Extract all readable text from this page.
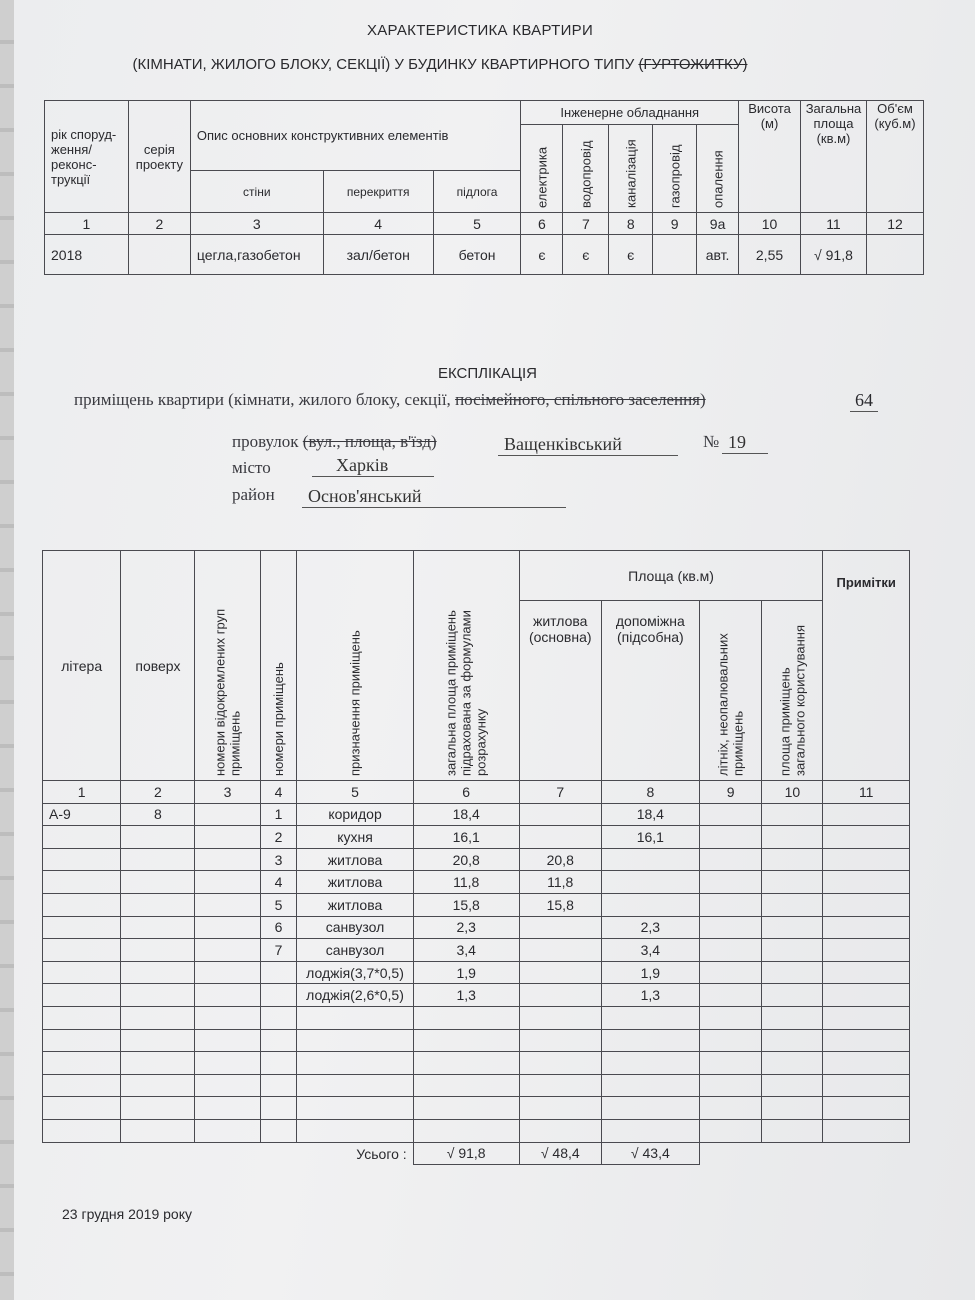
ХАРАКТЕРИСТИКА КВАРТИРИ
(КІМНАТИ, ЖИЛОГО БЛОКУ, СЕКЦІЇ) У БУДИНКУ КВАРТИРНОГО ТИПУ (ГУРТОЖИТКУ)
рік споруд-ження/ реконс-трукції	серія проекту	Опис основних конструктивних елементів			Інженерне обладнання					Висота (м)	Загальна площа (кв.м)	Об'єм (куб.м)
					електрика	водопровід	каналізація	газопровід	опалення			
		стіни	перекриття	підлога								
1	2	3	4	5	6	7	8	9	9а	10	11	12
2018		цегла,газобетон	зал/бетон	бетон	є	є	є		авт.	2,55	√ 91,8	
ЕКСПЛІКАЦІЯ
приміщень квартири (кімнати, жилого блоку, секції, посімейного, спільного заселення)	64
провулок (вул., площа, в'їзд)	Ващенківський	№ 19
місто	Харків
район	Основ'янський
літера	поверх	номери відокремлених груп приміщень	номери приміщень	призначення приміщень	загальна площа приміщень підрахована за формулами розрахунку	Площа (кв.м)				Примітки
						житлова (основна)	допоміжна (підсобна)	літніх, неопалювальних приміщень	площа приміщень загального користування	
1	2	3	4	5	6	7	8	9	10	11
А-9	8		1	коридор	18,4		18,4			
			2	кухня	16,1		16,1			
			3	житлова	20,8	20,8				
			4	житлова	11,8	11,8				
			5	житлова	15,8	15,8				
			6	санвузол	2,3		2,3			
			7	санвузол	3,4		3,4			
				лоджія(3,7*0,5)	1,9		1,9			
				лоджія(2,6*0,5)	1,3		1,3			

Усього :					√ 91,8	√ 48,4	√ 43,4			
23 грудня 2019 року
